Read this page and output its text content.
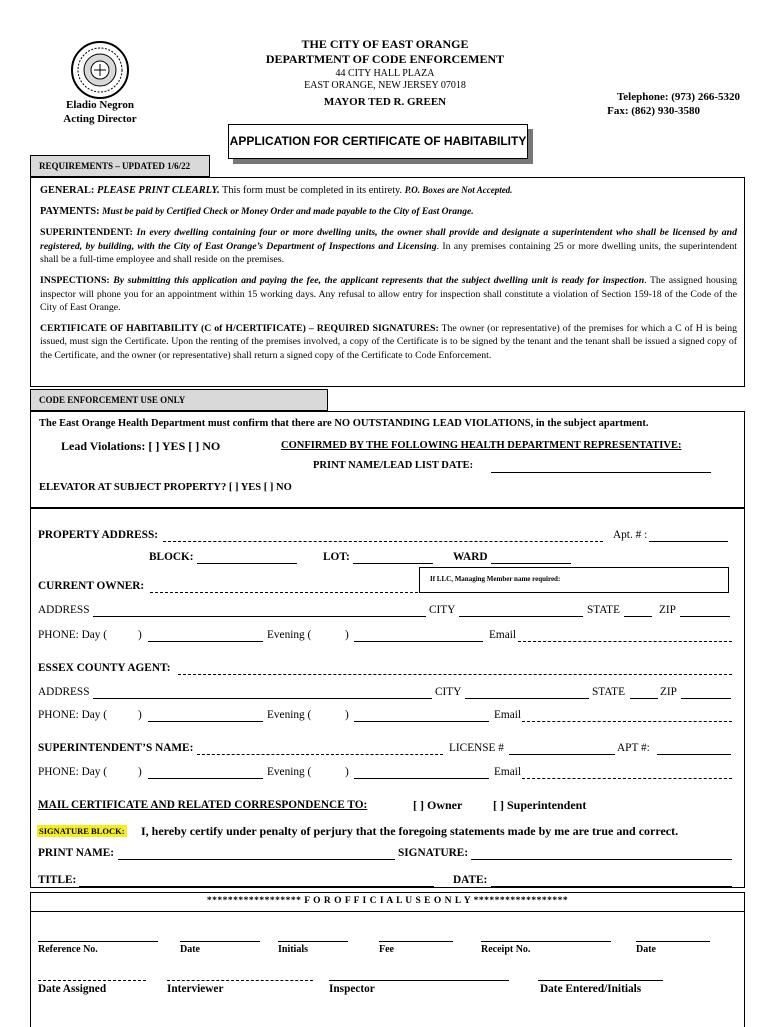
THE CITY OF EAST ORANGE
DEPARTMENT OF CODE ENFORCEMENT
44 CITY HALL PLAZA
EAST ORANGE, NEW JERSEY 07018
MAYOR TED R. GREEN
Eladio Negron
Acting Director
Telephone: (973) 266-5320
Fax: (862) 930-3580
APPLICATION FOR CERTIFICATE OF HABITABILITY
REQUIREMENTS – UPDATED 1/6/22

GENERAL: PLEASE PRINT CLEARLY. This form must be completed in its entirety. P.O. Boxes are Not Accepted.

PAYMENTS: Must be paid by Certified Check or Money Order and made payable to the City of East Orange.

SUPERINTENDENT: In every dwelling containing four or more dwelling units, the owner shall provide and designate a superintendent who shall be licensed by and registered, by building, with the City of East Orange’s Department of Inspections and Licensing. In any premises containing 25 or more dwelling units, the superintendent shall be a full-time employee and shall reside on the premises.

INSPECTIONS: By submitting this application and paying the fee, the applicant represents that the subject dwelling unit is ready for inspection. The assigned housing inspector will phone you for an appointment within 15 working days. Any refusal to allow entry for inspection shall constitute a violation of Section 159-18 of the Code of the City of East Orange.

CERTIFICATE OF HABITABILITY (C of H/CERTIFICATE) – REQUIRED SIGNATURES: The owner (or representative) of the premises for which a C of H is being issued, must sign the Certificate. Upon the renting of the premises involved, a copy of the Certificate is to be signed by the tenant and the tenant shall be issued a signed copy of the Certificate, and the owner (or representative) shall return a signed copy of the Certificate to Code Enforcement.

CODE ENFORCEMENT USE ONLY
The East Orange Health Department must confirm that there are NO OUTSTANDING LEAD VIOLATIONS, in the subject apartment.
Lead Violations: [ ] YES [ ] NO	CONFIRMED BY THE FOLLOWING HEALTH DEPARTMENT REPRESENTATIVE:
PRINT NAME/LEAD LIST DATE:
ELEVATOR AT SUBJECT PROPERTY? [ ] YES [ ] NO
PROPERTY ADDRESS:	Apt. # :
BLOCK:	LOT:	WARD
If LLC, Managing Member name required:
CURRENT OWNER:
ADDRESS	CITY	STATE	ZIP
PHONE: Day (	)	Evening (	)	Email
ESSEX COUNTY AGENT:
ADDRESS	CITY	STATE	ZIP
PHONE: Day (	)	Evening (	)	Email
SUPERINTENDENT’S NAME:	LICENSE #	APT #:
PHONE: Day (	)	Evening (	)	Email
MAIL CERTIFICATE AND RELATED CORRESPONDENCE TO:	[ ] Owner	[ ] Superintendent
SIGNATURE BLOCK: I, hereby certify under penalty of perjury that the foregoing statements made by me are true and correct.
PRINT NAME:	SIGNATURE:
TITLE:	DATE:
****************** F O R O F F I C I A L U S E O N L Y ******************
Reference No.	Date	Initials	Fee	Receipt No.	Date
Date Assigned	Interviewer	Inspector	Date Entered/Initials
